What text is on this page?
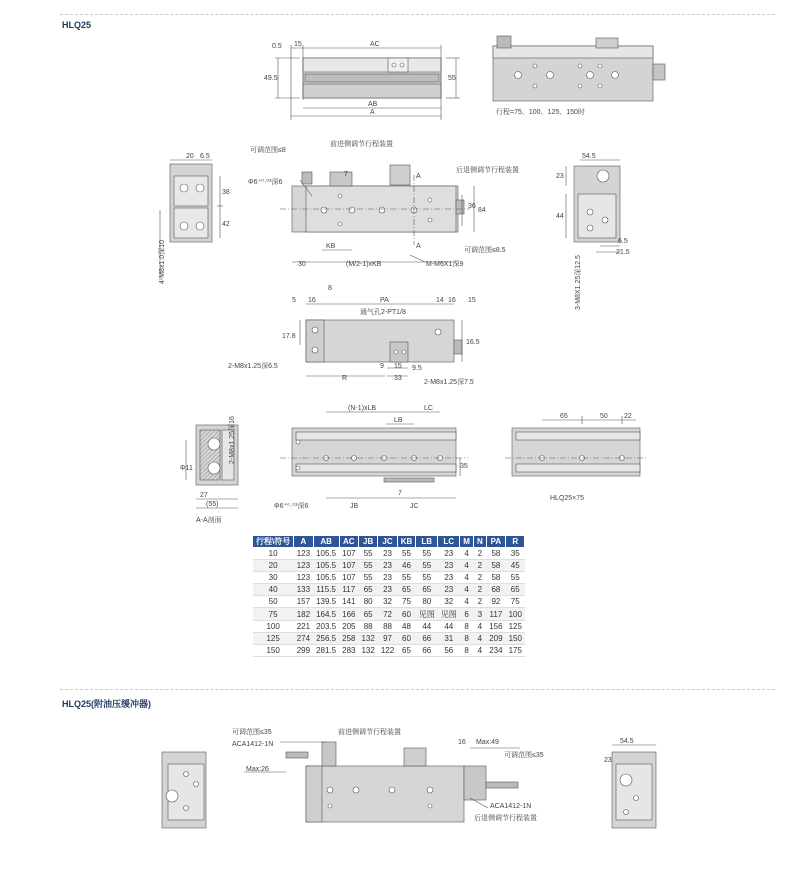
HLQ25
0.5 15	AC
49.5	55
AB
A	行程=75、100、125、150时
20 6.5
38
42
4-M8x1.0深10
可调范围≤8
前进侧调节行程装置
后退侧调节行程装置
Φ6⁺⁰·⁰³深6
7
36
84
A
A
KB
可调范围≤8.5
30	(M/2-1)xKB	M-M6X1深9
54.5
23
44
6.5
21.5
3-M8X1.25深12.5
8
5 16	PA	14 16 15
通气孔2-PT1/8
17.8
16.5
2-M8x1.25深6.5
R
9 15
33
9.5
2-M8x1.25深7.5
2-M8x1.25深16
Φ11
27
(55)
A-A剖面
(N-1)xLB
LB
LC
35
7
JB	JC
Φ6⁺⁰·⁰³深6
65	50 22
HLQ25×75
可调范围≤35
ACA1412-1N
前进侧调节行程装置
Max:26
16 Max:49
可调范围≤35
ACA1412-1N
后退侧调节行程装置
54.5
23
行程\符号	A	AB	AC	JB	JC	KB	LB	LC	M	N	PA	R
10	123	105.5	107	55	23	55	55	23	4	2	58	35
20	123	105.5	107	55	23	46	55	23	4	2	58	45
30	123	105.5	107	55	23	55	55	23	4	2	58	55
40	133	115.5	117	65	23	65	65	23	4	2	68	65
50	157	139.5	141	80	32	75	80	32	4	2	92	75
75	182	164.5	166	65	72	60	见图	见图	6	3	117	100
100	221	203.5	205	88	88	48	44	44	8	4	156	125
125	274	256.5	258	132	97	60	66	31	8	4	209	150
150	299	281.5	283	132	122	65	66	56	8	4	234	175
HLQ25(附油压缓冲器)
